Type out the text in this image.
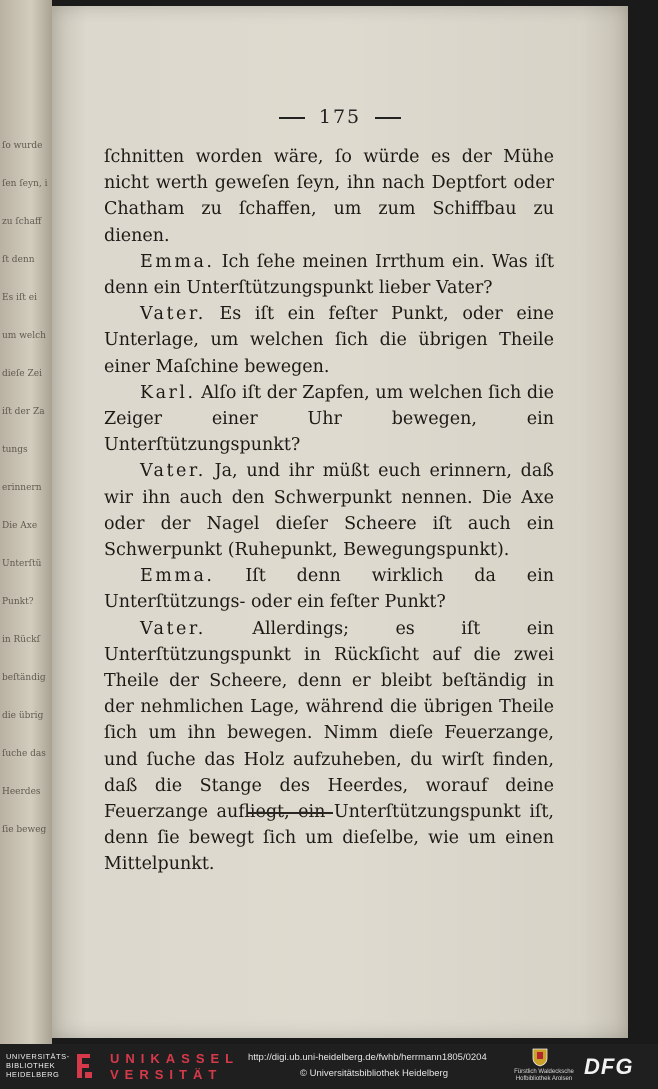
ſo wurde
ſen ſeyn, i
zu ſchaff
ſt denn
Es iſt ei
um welch
dieſe Zei
iſt der Za
tungs
erinnern
Die Axe
Unterſtü
Punkt?
in Rückſ
beſtändig
die übrig
ſuche das
Heerdes
ſie beweg
175

ſchnitten worden wäre, ſo würde es der Mühe nicht werth geweſen ſeyn, ihn nach Deptfort oder Chatham zu ſchaffen, um zum Schiffbau zu dienen.

Emma. Ich ſehe meinen Irrthum ein. Was iſt denn ein Unterſtützungspunkt lieber Vater?

Vater. Es iſt ein feſter Punkt, oder eine Unterlage, um welchen ſich die übrigen Theile einer Maſchine bewegen.

Karl. Alſo iſt der Zapfen, um welchen ſich die Zeiger einer Uhr bewegen, ein Unterſtützungspunkt?

Vater. Ja, und ihr müßt euch erinnern, daß wir ihn auch den Schwerpunkt nennen. Die Axe oder der Nagel dieſer Scheere iſt auch ein Schwerpunkt (Ruhepunkt, Bewegungspunkt).

Emma. Iſt denn wirklich da ein Unterſtützungs- oder ein feſter Punkt?

Vater.	Allerdings; es iſt ein Unterſtützungspunkt in Rückſicht auf die zwei Theile der Scheere, denn er bleibt beſtändig in der nehmlichen Lage, während die übrigen Theile ſich um ihn bewegen. Nimm dieſe Feuerzange, und ſuche das Holz aufzuheben, du wirſt finden, daß die Stange des Heerdes, worauf deine Feuerzange aufliegt, ein Unterſtützungspunkt iſt, denn ſie bewegt ſich um dieſelbe, wie um einen Mittelpunkt.

UNIVERSITÄTS-
BIBLIOTHEK
HEIDELBERG
UNIKASSEL
VERSITÄT
http://digi.ub.uni-heidelberg.de/fwhb/herrmann1805/0204
© Universitätsbibliothek Heidelberg	Fürstlich Waldecksche
Hofbibliothek Arolsen DFG
